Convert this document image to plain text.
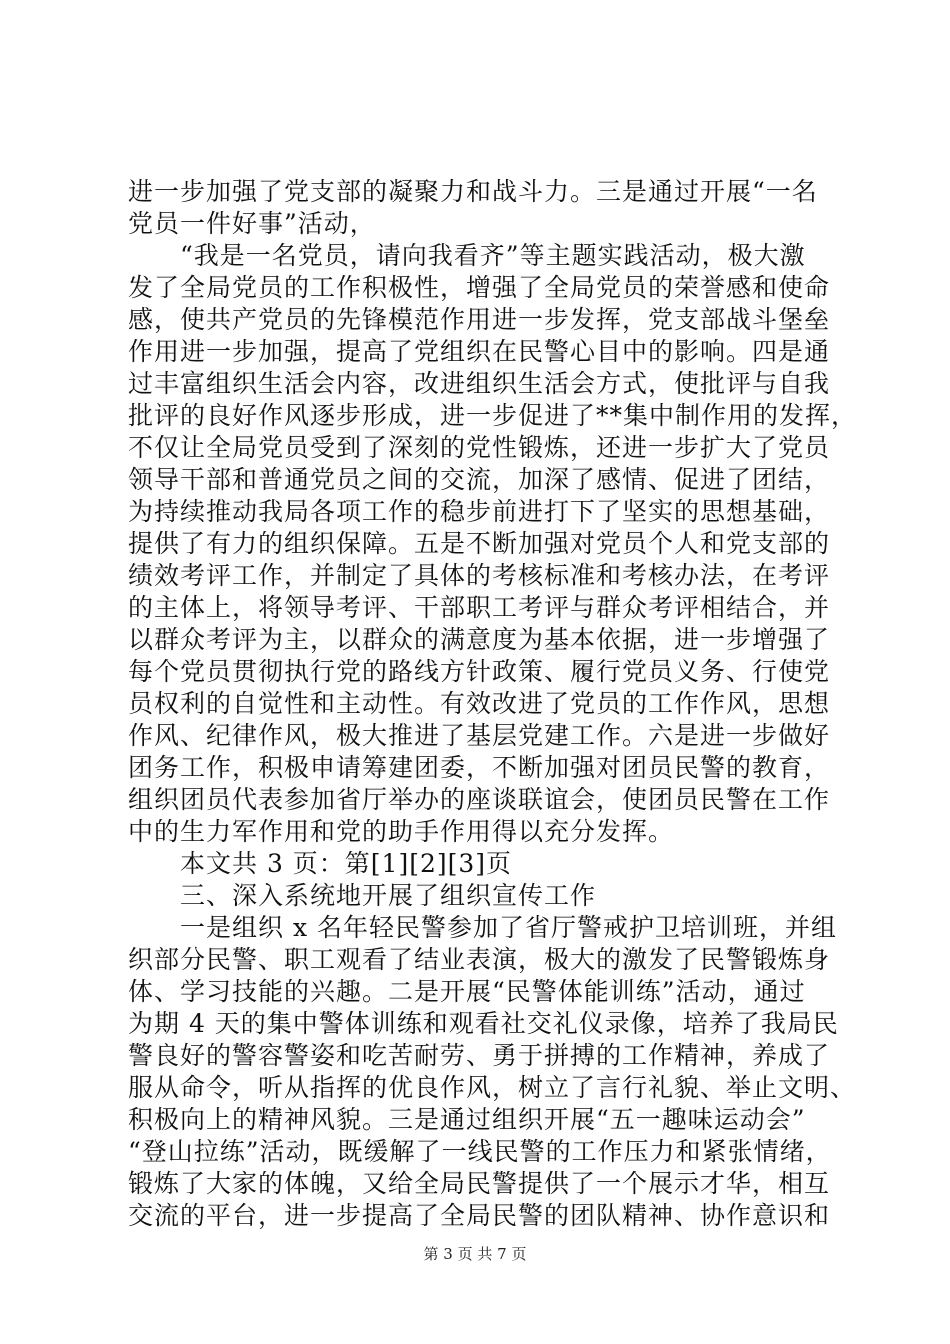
进一步加强了党支部的凝聚力和战斗力。三是通过开展“一名
党员一件好事”活动，
　　“我是一名党员，请向我看齐”等主题实践活动，极大激
发了全局党员的工作积极性，增强了全局党员的荣誉感和使命
感，使共产党员的先锋模范作用进一步发挥，党支部战斗堡垒
作用进一步加强，提高了党组织在民警心目中的影响。四是通
过丰富组织生活会内容，改进组织生活会方式，使批评与自我
批评的良好作风逐步形成，进一步促进了**集中制作用的发挥，
不仅让全局党员受到了深刻的党性锻炼，还进一步扩大了党员
领导干部和普通党员之间的交流，加深了感情、促进了团结，
为持续推动我局各项工作的稳步前进打下了坚实的思想基础，
提供了有力的组织保障。五是不断加强对党员个人和党支部的
绩效考评工作，并制定了具体的考核标准和考核办法，在考评
的主体上，将领导考评、干部职工考评与群众考评相结合，并
以群众考评为主，以群众的满意度为基本依据，进一步增强了
每个党员贯彻执行党的路线方针政策、履行党员义务、行使党
员权利的自觉性和主动性。有效改进了党员的工作作风，思想
作风、纪律作风，极大推进了基层党建工作。六是进一步做好
团务工作，积极申请筹建团委，不断加强对团员民警的教育，
组织团员代表参加省厅举办的座谈联谊会，使团员民警在工作
中的生力军作用和党的助手作用得以充分发挥。
　　本文共 3 页：第[1][2][3]页
　　三、深入系统地开展了组织宣传工作
　　一是组织 x 名年轻民警参加了省厅警戒护卫培训班，并组
织部分民警、职工观看了结业表演，极大的激发了民警锻炼身
体、学习技能的兴趣。二是开展“民警体能训练”活动，通过
为期 4 天的集中警体训练和观看社交礼仪录像，培养了我局民
警良好的警容警姿和吃苦耐劳、勇于拼搏的工作精神，养成了
服从命令，听从指挥的优良作风，树立了言行礼貌、举止文明、
积极向上的精神风貌。三是通过组织开展“五一趣味运动会”
“登山拉练”活动，既缓解了一线民警的工作压力和紧张情绪，
锻炼了大家的体魄，又给全局民警提供了一个展示才华，相互
交流的平台，进一步提高了全局民警的团队精神、协作意识和
第 3 页 共 7 页
